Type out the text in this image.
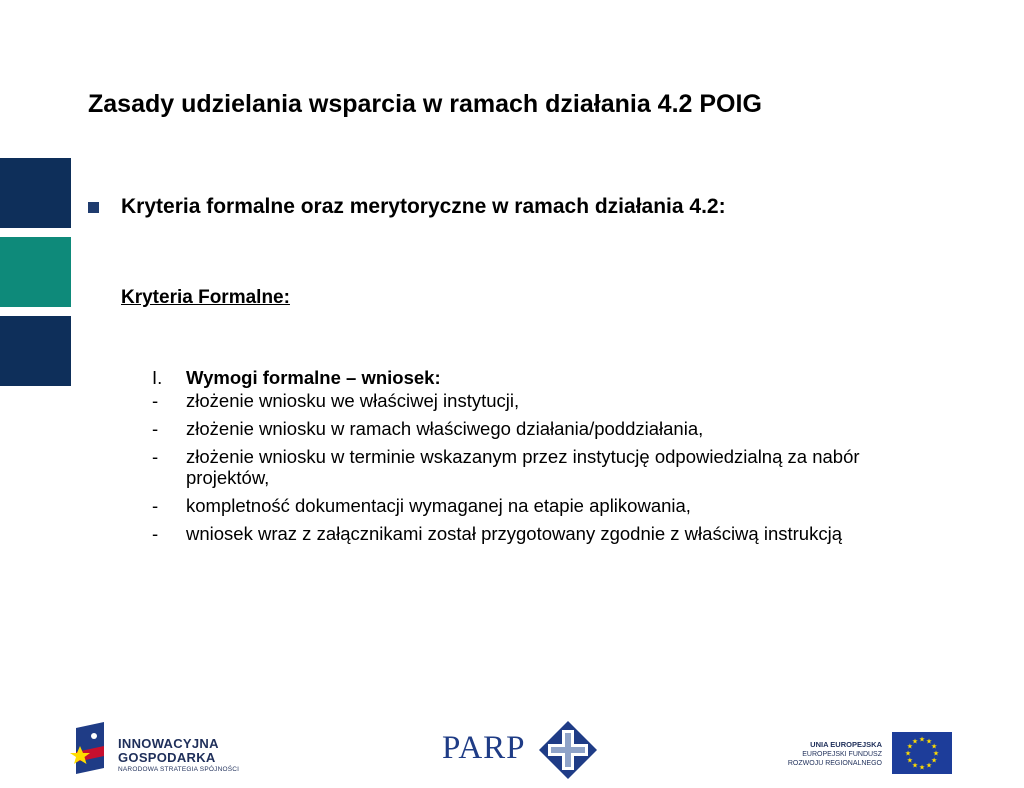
Zasady udzielania wsparcia w ramach działania 4.2 POIG
Kryteria formalne oraz merytoryczne w ramach działania 4.2:
Kryteria Formalne:
I.	Wymogi formalne – wniosek:
-	złożenie wniosku we właściwej instytucji,
-	złożenie wniosku w ramach właściwego działania/poddziałania,
-	złożenie wniosku w terminie wskazanym przez instytucję odpowiedzialną za nabór projektów,
-	kompletność dokumentacji wymaganej na etapie aplikowania,
-	wniosek wraz z załącznikami został przygotowany zgodnie z właściwą instrukcją
INNOWACYJNA
GOSPODARKA
NARODOWA STRATEGIA SPÓJNOŚCI
PARP	UNIA EUROPEJSKA
EUROPEJSKI FUNDUSZ
ROZWOJU REGIONALNEGO
★
★
★
★
★
★
★
★
★ ★ ★
★
